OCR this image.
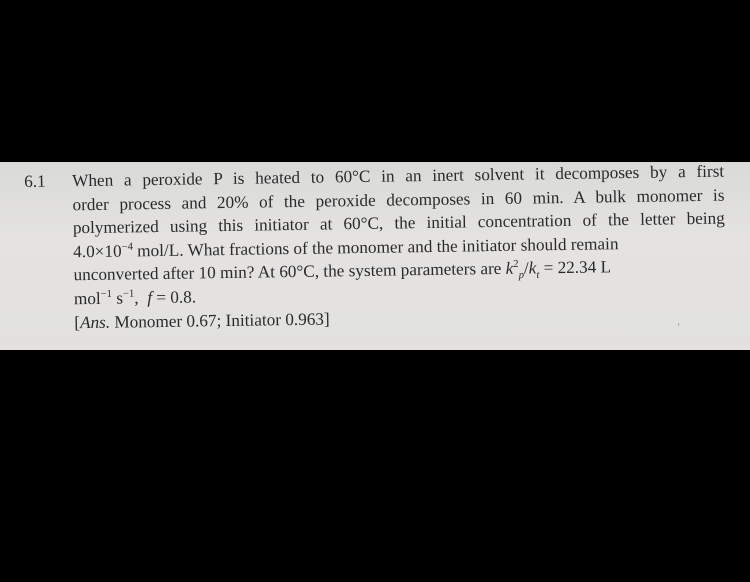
6.1	When a peroxide P is heated to 60°C in an inert solvent it decomposes by a first
order process and 20% of the peroxide decomposes in 60 min. A bulk monomer is
polymerized using this initiator at 60°C, the initial concentration of the letter being
$4.0\times 10^{-4}$ mol/L. What fractions of the monomer and the initiator should remain
unconverted after 10 min? At 60°C, the system parameters are $k^2_p/k_t = 22.34$ L
mol$^{-1}$ $s^{-1}$,  f = 0.8.
[Ans. Monomer 0.67; Initiator 0.963]	'
